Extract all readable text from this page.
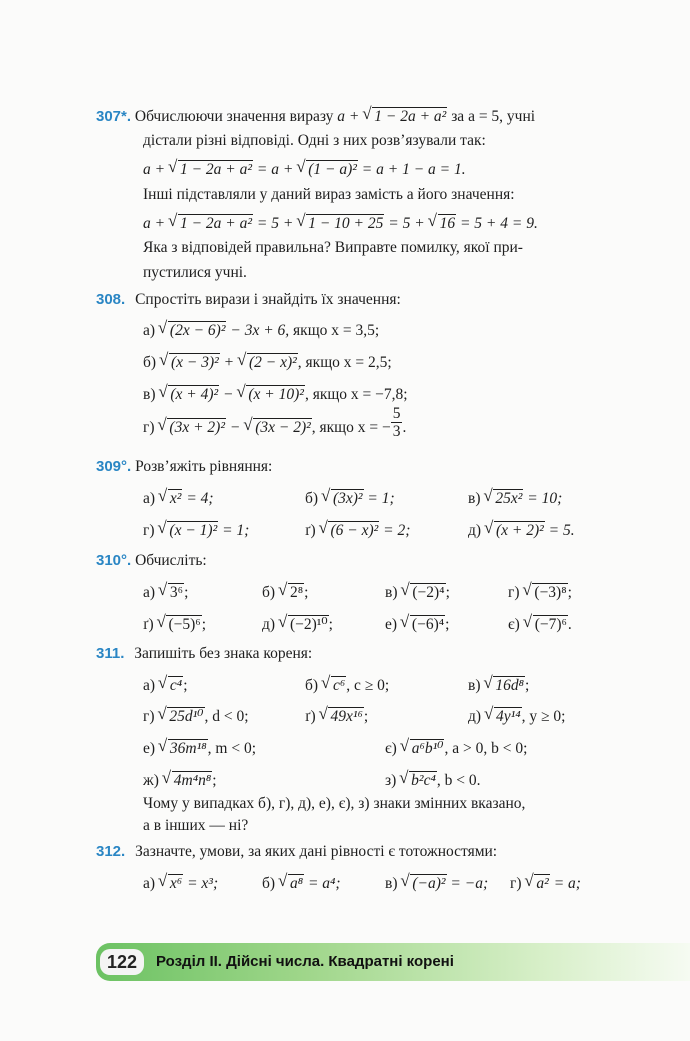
307*. Обчислюючи значення виразу a + √ 1 − 2a + a² за a = 5, учні
дістали різні відповіді. Одні з них розв’язували так:
a + √ 1 − 2a + a² = a + √ (1 − a)² = a + 1 − a = 1.
Інші підставляли у даний вираз замість a його значення:
a + √ 1 − 2a + a² = 5 + √ 1 − 10 + 25 = 5 + √ 16 = 5 + 4 = 9.
Яка з відповідей правильна? Виправте помилку, якої при-
пустилися учні.
308. Спростіть вирази і знайдіть їх значення:
а) √ (2x − 6)² − 3x + 6, якщо x = 3,5;
б) √ (x − 3)² + √ (2 − x)², якщо x = 2,5;
в) √ (x + 4)² − √ (x + 10)², якщо x = −7,8;
г) √ (3x + 2)² − √ (3x − 2)², якщо x = − $\frac{5}{3}$ .
309°. Розв’яжіть рівняння:
а) √ x² = 4;	б) √ (3x)² = 1;	в) √ 25x² = 10;
г) √ (x − 1)² = 1;	ґ) √ (6 − x)² = 2;	д) √ (x + 2)² = 5.
310°. Обчисліть:
а) √ 3⁶;	б) √ 2⁸;	в) √ (−2)⁴;	г) √ (−3)⁸;
ґ) √ (−5)⁶;	д) √ (−2)¹⁰;	е) √ (−6)⁴;	є) √ (−7)⁶.
311. Запишіть без знака кореня:
а) √ c⁴;	б) √ c⁶, c ≥ 0;	в) √ 16d⁸;
г) √ 25d¹⁰, d < 0;	ґ) √ 49x¹⁶;	д) √ 4y¹⁴, y ≥ 0;
е) √ 36m¹⁸, m < 0;	є) √ a⁶b¹⁰, a > 0, b < 0;
ж) √ 4m⁴n⁸;	з) √ b²c⁴, b < 0.
Чому у випадках б), г), д), е), є), з) знаки змінних вказано,
а в інших — ні?
312. Зазначте, умови, за яких дані рівності є тотожностями:
а) √ x⁶ = x³;	б) √ a⁸ = a⁴;	в) √ (−a)² = −a; г) √ a² = a;
122	Розділ ІІ. Дійсні числа. Квадратні корені
